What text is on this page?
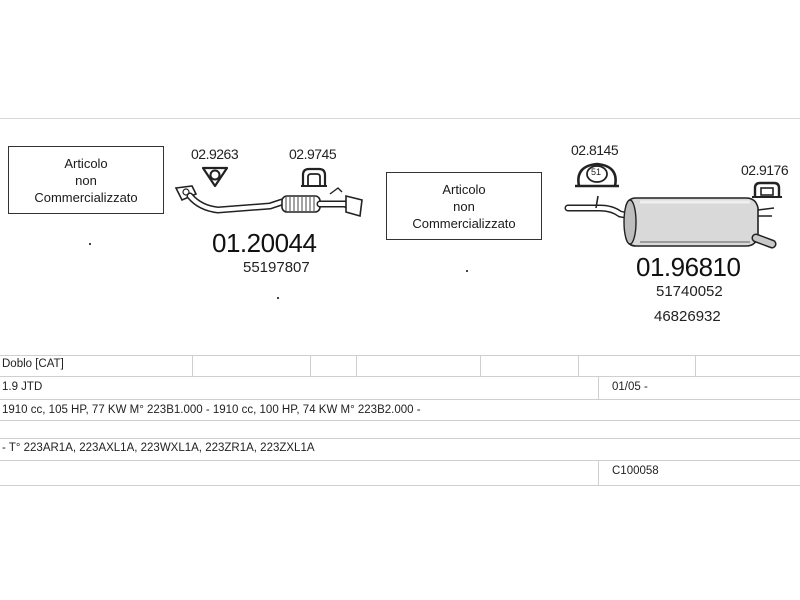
Articolo
non
Commercializzato
02.9263	02.9745
01.20044
55197807
Articolo
non
Commercializzato
02.8145
02.9176
51
01.96810
51740052
46826932
Doblo [CAT]
1.9 JTD	01/05 -
1910 cc, 105 HP, 77 KW M° 223B1.000 - 1910 cc, 100 HP, 74 KW M° 223B2.000 -
- T° 223AR1A, 223AXL1A, 223WXL1A, 223ZR1A, 223ZXL1A
C100058
